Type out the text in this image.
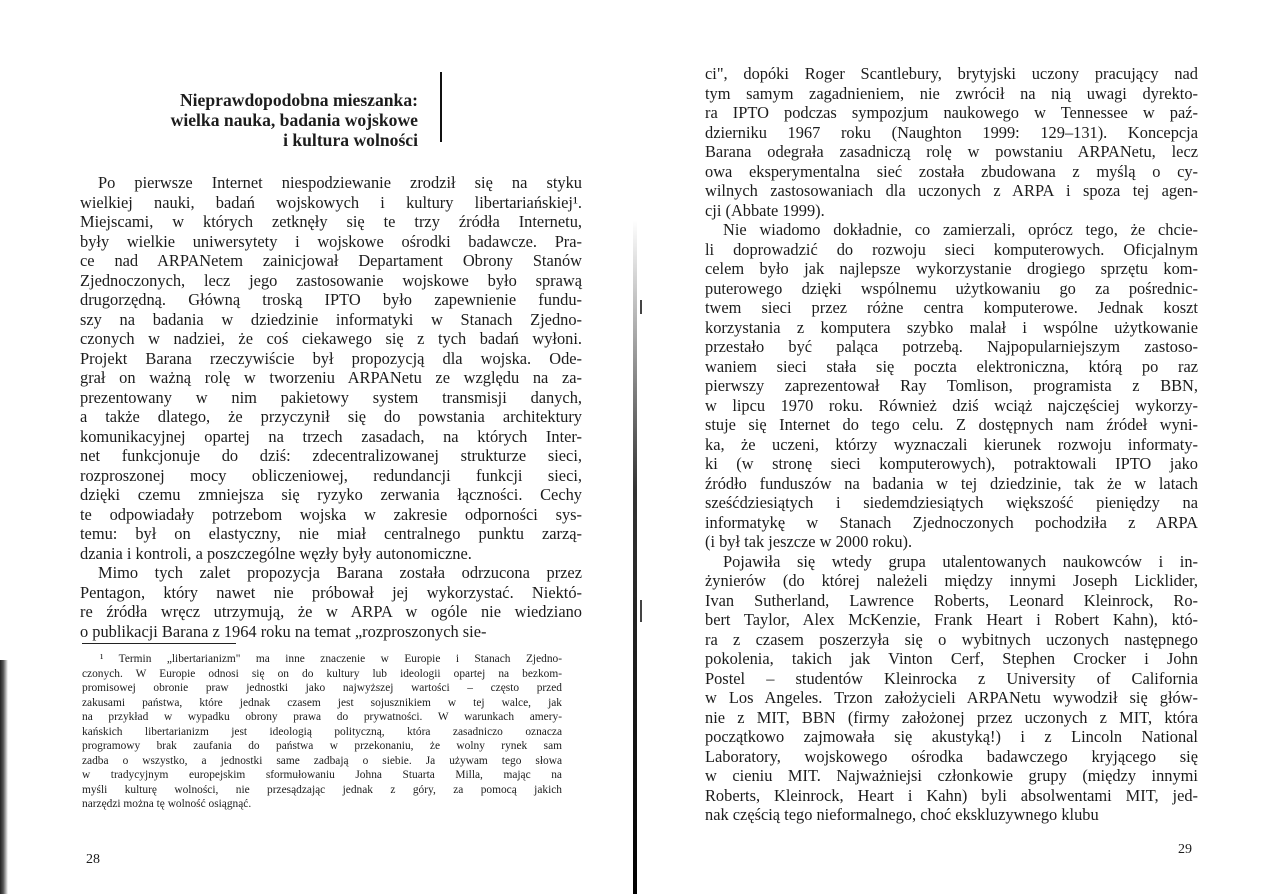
Nieprawdopodobna mieszanka:
wielka nauka, badania wojskowe
i kultura wolności
Po pierwsze Internet niespodziewanie zrodził się na styku
wielkiej nauki, badań wojskowych i kultury libertariańskiej¹.
Miejscami, w których zetknęły się te trzy źródła Internetu,
były wielkie uniwersytety i wojskowe ośrodki badawcze. Pra-
ce nad ARPANetem zainicjował Departament Obrony Stanów
Zjednoczonych, lecz jego zastosowanie wojskowe było sprawą
drugorzędną. Główną troską IPTO było zapewnienie fundu-
szy na badania w dziedzinie informatyki w Stanach Zjedno-
czonych w nadziei, że coś ciekawego się z tych badań wyłoni.
Projekt Barana rzeczywiście był propozycją dla wojska. Ode-
grał on ważną rolę w tworzeniu ARPANetu ze względu na za-
prezentowany w nim pakietowy system transmisji danych,
a także dlatego, że przyczynił się do powstania architektury
komunikacyjnej opartej na trzech zasadach, na których Inter-
net funkcjonuje do dziś: zdecentralizowanej strukturze sieci,
rozproszonej mocy obliczeniowej, redundancji funkcji sieci,
dzięki czemu zmniejsza się ryzyko zerwania łączności. Cechy
te odpowiadały potrzebom wojska w zakresie odporności sys-
temu: był on elastyczny, nie miał centralnego punktu zarzą-
dzania i kontroli, a poszczególne węzły były autonomiczne.
Mimo tych zalet propozycja Barana została odrzucona przez
Pentagon, który nawet nie próbował jej wykorzystać. Niektó-
re źródła wręcz utrzymują, że w ARPA w ogóle nie wiedziano
o publikacji Barana z 1964 roku na temat „rozproszonych sie-
¹ Termin „libertarianizm" ma inne znaczenie w Europie i Stanach Zjedno-
czonych. W Europie odnosi się on do kultury lub ideologii opartej na bezkom-
promisowej obronie praw jednostki jako najwyższej wartości – często przed
zakusami państwa, które jednak czasem jest sojusznikiem w tej walce, jak
na przykład w wypadku obrony prawa do prywatności. W warunkach amery-
kańskich libertarianizm jest ideologią polityczną, która zasadniczo oznacza
programowy brak zaufania do państwa w przekonaniu, że wolny rynek sam
zadba o wszystko, a jednostki same zadbają o siebie. Ja używam tego słowa
w tradycyjnym europejskim sformułowaniu Johna Stuarta Milla, mając na
myśli kulturę wolności, nie przesądzając jednak z góry, za pomocą jakich
narzędzi można tę wolność osiągnąć.
28
ci", dopóki Roger Scantlebury, brytyjski uczony pracujący nad
tym samym zagadnieniem, nie zwrócił na nią uwagi dyrekto-
ra IPTO podczas sympozjum naukowego w Tennessee w paź-
dzierniku 1967 roku (Naughton 1999: 129–131). Koncepcja
Barana odegrała zasadniczą rolę w powstaniu ARPANetu, lecz
owa eksperymentalna sieć została zbudowana z myślą o cy-
wilnych zastosowaniach dla uczonych z ARPA i spoza tej agen-
cji (Abbate 1999).
Nie wiadomo dokładnie, co zamierzali, oprócz tego, że chcie-
li doprowadzić do rozwoju sieci komputerowych. Oficjalnym
celem było jak najlepsze wykorzystanie drogiego sprzętu kom-
puterowego dzięki wspólnemu użytkowaniu go za pośrednic-
twem sieci przez różne centra komputerowe. Jednak koszt
korzystania z komputera szybko malał i wspólne użytkowanie
przestało być paląca potrzebą. Najpopularniejszym zastoso-
waniem sieci stała się poczta elektroniczna, którą po raz
pierwszy zaprezentował Ray Tomlison, programista z BBN,
w lipcu 1970 roku. Również dziś wciąż najczęściej wykorzy-
stuje się Internet do tego celu. Z dostępnych nam źródeł wyni-
ka, że uczeni, którzy wyznaczali kierunek rozwoju informaty-
ki (w stronę sieci komputerowych), potraktowali IPTO jako
źródło funduszów na badania w tej dziedzinie, tak że w latach
sześćdziesiątych i siedemdziesiątych większość pieniędzy na
informatykę w Stanach Zjednoczonych pochodziła z ARPA
(i był tak jeszcze w 2000 roku).
Pojawiła się wtedy grupa utalentowanych naukowców i in-
żynierów (do której należeli między innymi Joseph Licklider,
Ivan Sutherland, Lawrence Roberts, Leonard Kleinrock, Ro-
bert Taylor, Alex McKenzie, Frank Heart i Robert Kahn), któ-
ra z czasem poszerzyła się o wybitnych uczonych następnego
pokolenia, takich jak Vinton Cerf, Stephen Crocker i John
Postel – studentów Kleinrocka z University of California
w Los Angeles. Trzon założycieli ARPANetu wywodził się głów-
nie z MIT, BBN (firmy założonej przez uczonych z MIT, która
początkowo zajmowała się akustyką!) i z Lincoln National
Laboratory, wojskowego ośrodka badawczego kryjącego się
w cieniu MIT. Najważniejsi członkowie grupy (między innymi
Roberts, Kleinrock, Heart i Kahn) byli absolwentami MIT, jed-
nak częścią tego nieformalnego, choć ekskluzywnego klubu
29
